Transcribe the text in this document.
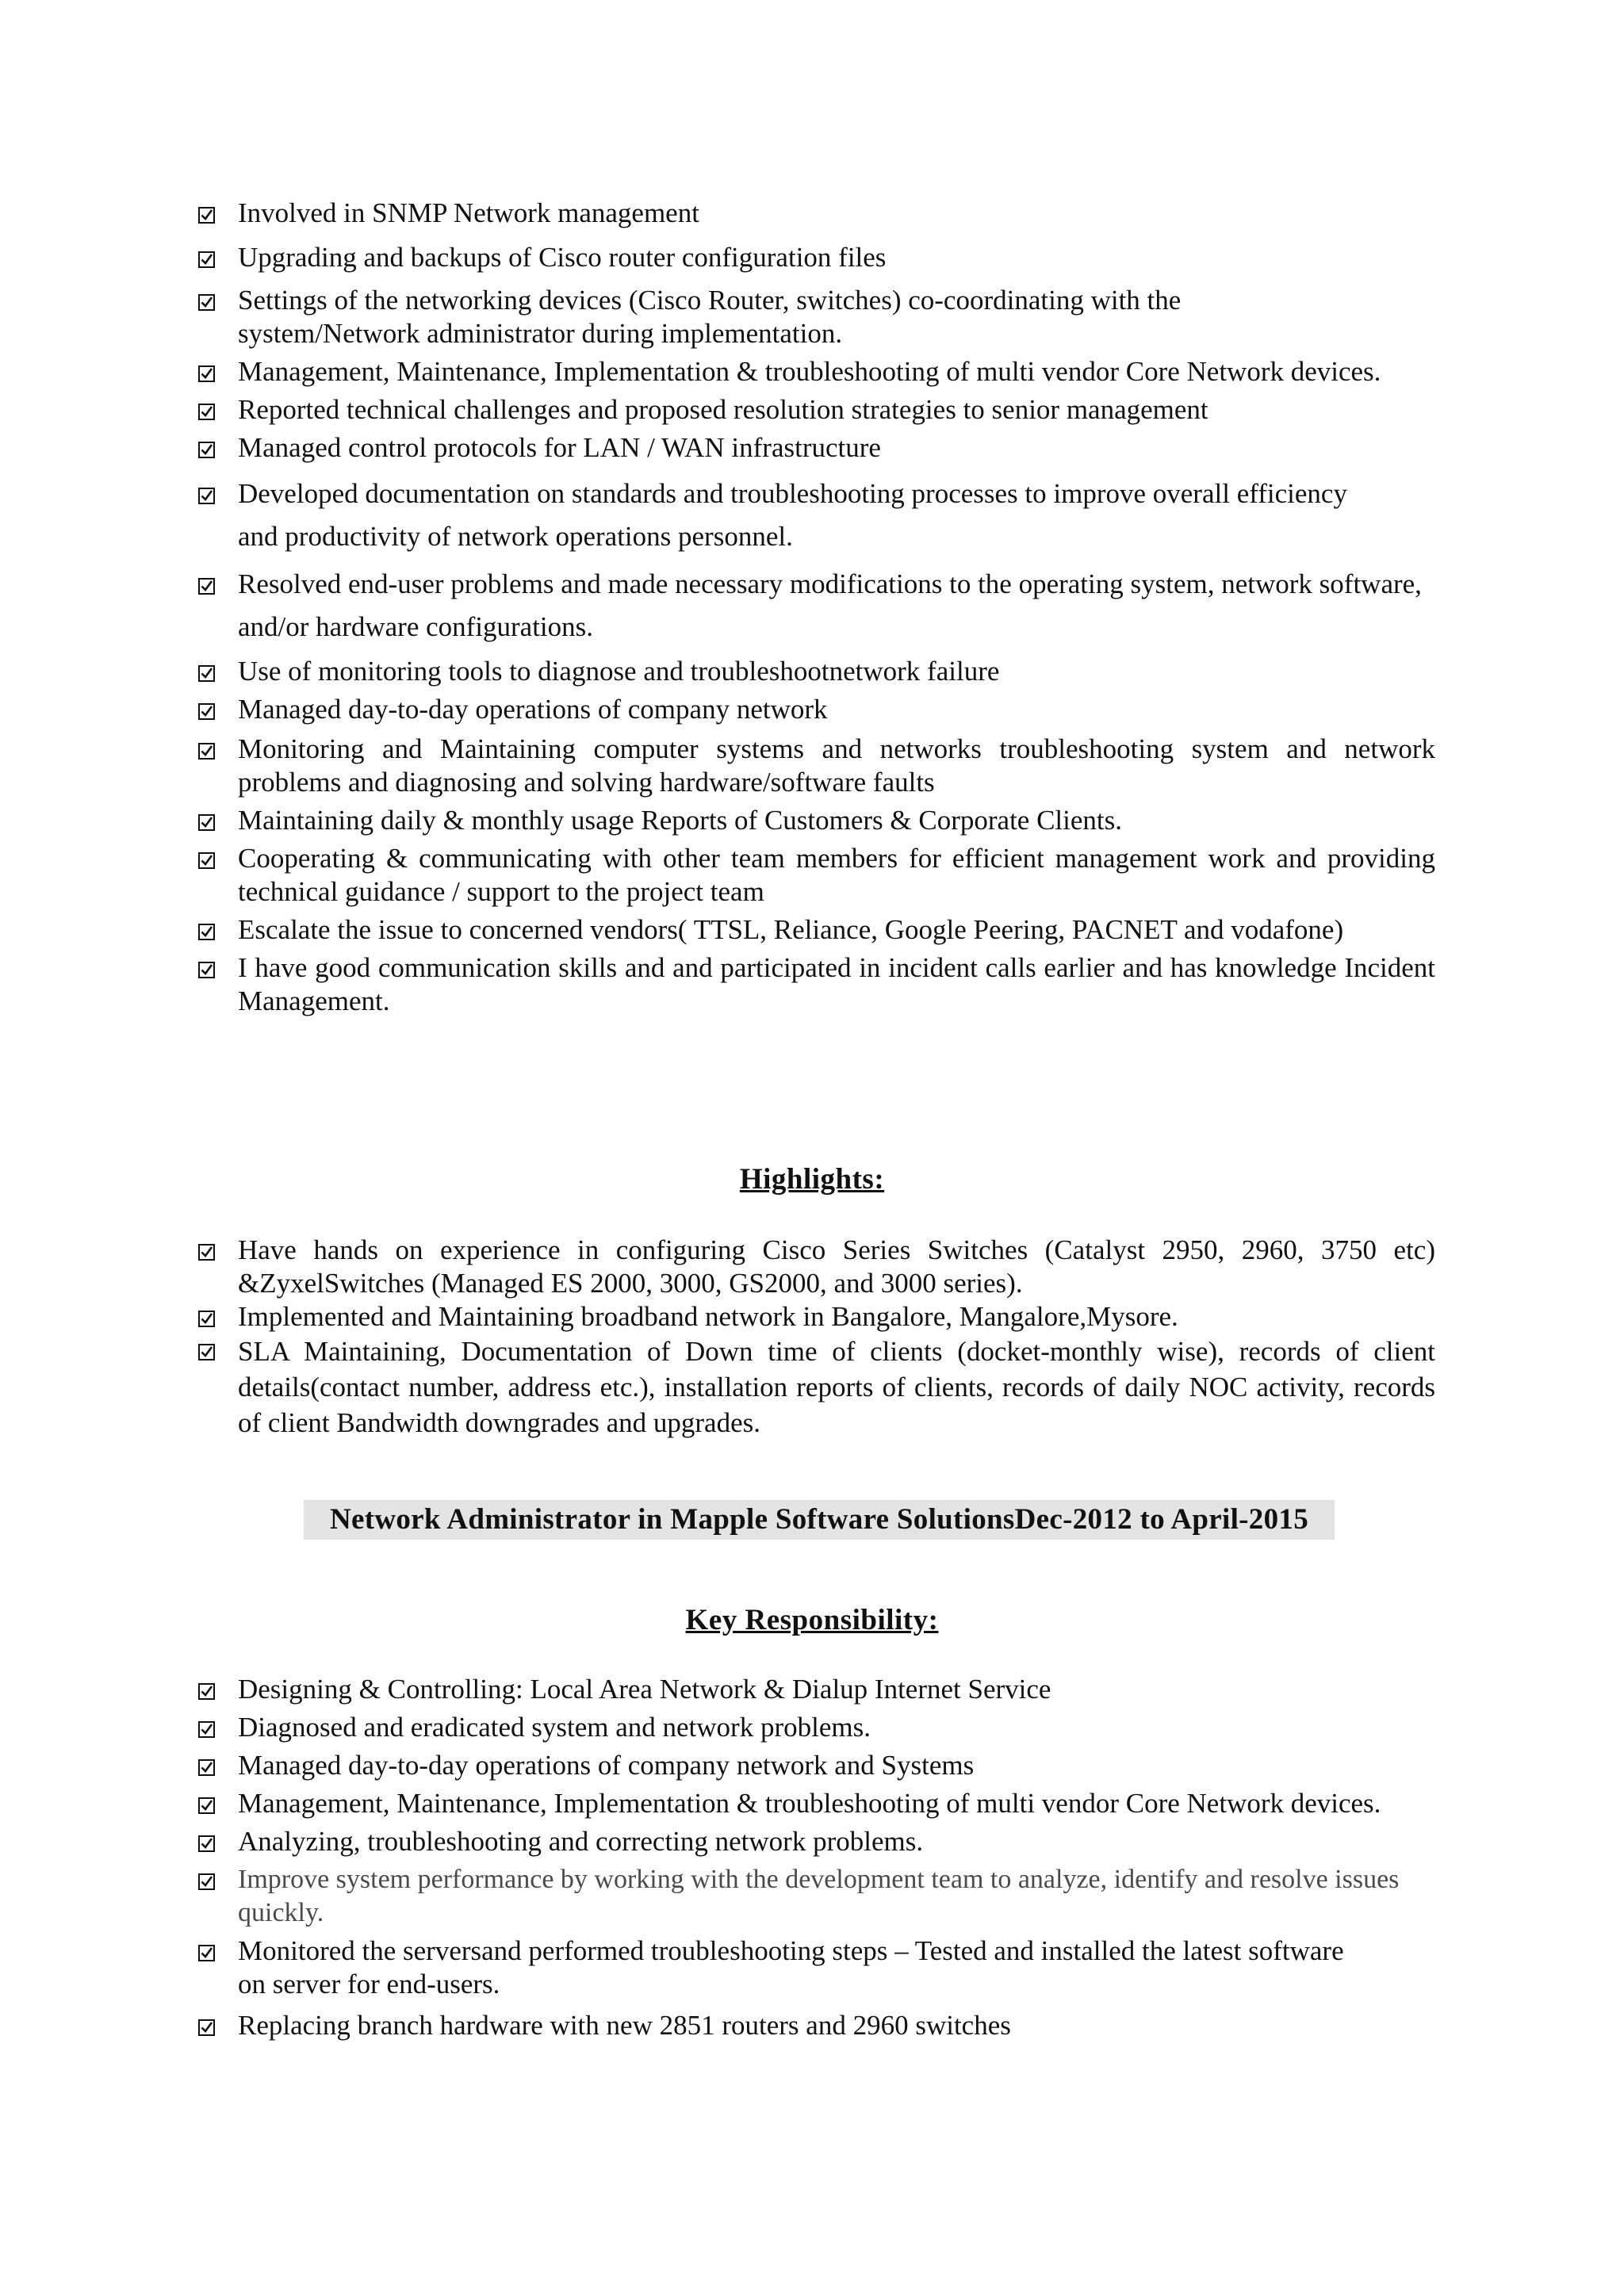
Involved in SNMP Network management
Upgrading and backups of Cisco router configuration files
Settings of the networking devices (Cisco Router, switches) co-coordinating with the system/Network administrator during implementation.
Management, Maintenance, Implementation & troubleshooting of multi vendor Core Network devices.
Reported technical challenges and proposed resolution strategies to senior management
Managed control protocols for LAN / WAN infrastructure
Developed documentation on standards and troubleshooting processes to improve overall efficiency and productivity of network operations personnel.
Resolved end-user problems and made necessary modifications to the operating system, network software, and/or hardware configurations.
Use of monitoring tools to diagnose and troubleshootnetwork failure
Managed day-to-day operations of company network
Monitoring and Maintaining computer systems and networks troubleshooting system and network problems and diagnosing and solving hardware/software faults
Maintaining daily & monthly usage Reports of Customers & Corporate Clients.
Cooperating & communicating with other team members for efficient management work and providing technical guidance / support to the project team
Escalate the issue to concerned vendors( TTSL, Reliance, Google Peering, PACNET and vodafone)
I have good communication skills and and participated in incident calls earlier and has knowledge Incident Management.
Highlights:
Have hands on experience in configuring Cisco Series Switches (Catalyst 2950, 2960, 3750 etc) &ZyxelSwitches (Managed ES 2000, 3000, GS2000, and 3000 series).
Implemented and Maintaining broadband network in Bangalore, Mangalore,Mysore.
SLA Maintaining, Documentation of Down time of clients (docket-monthly wise), records of client details(contact number, address etc.), installation reports of clients, records of daily NOC activity, records of client Bandwidth downgrades and upgrades.
Network Administrator in Mapple Software SolutionsDec-2012 to April-2015
Key Responsibility:
Designing & Controlling: Local Area Network & Dialup Internet Service
Diagnosed and eradicated system and network problems.
Managed day-to-day operations of company network and Systems
Management, Maintenance, Implementation & troubleshooting of multi vendor Core Network devices.
Analyzing, troubleshooting and correcting network problems.
Improve system performance by working with the development team to analyze, identify and resolve issues quickly.
Monitored the serversand performed troubleshooting steps – Tested and installed the latest software on server for end-users.
Replacing branch hardware with new 2851 routers and 2960 switches
